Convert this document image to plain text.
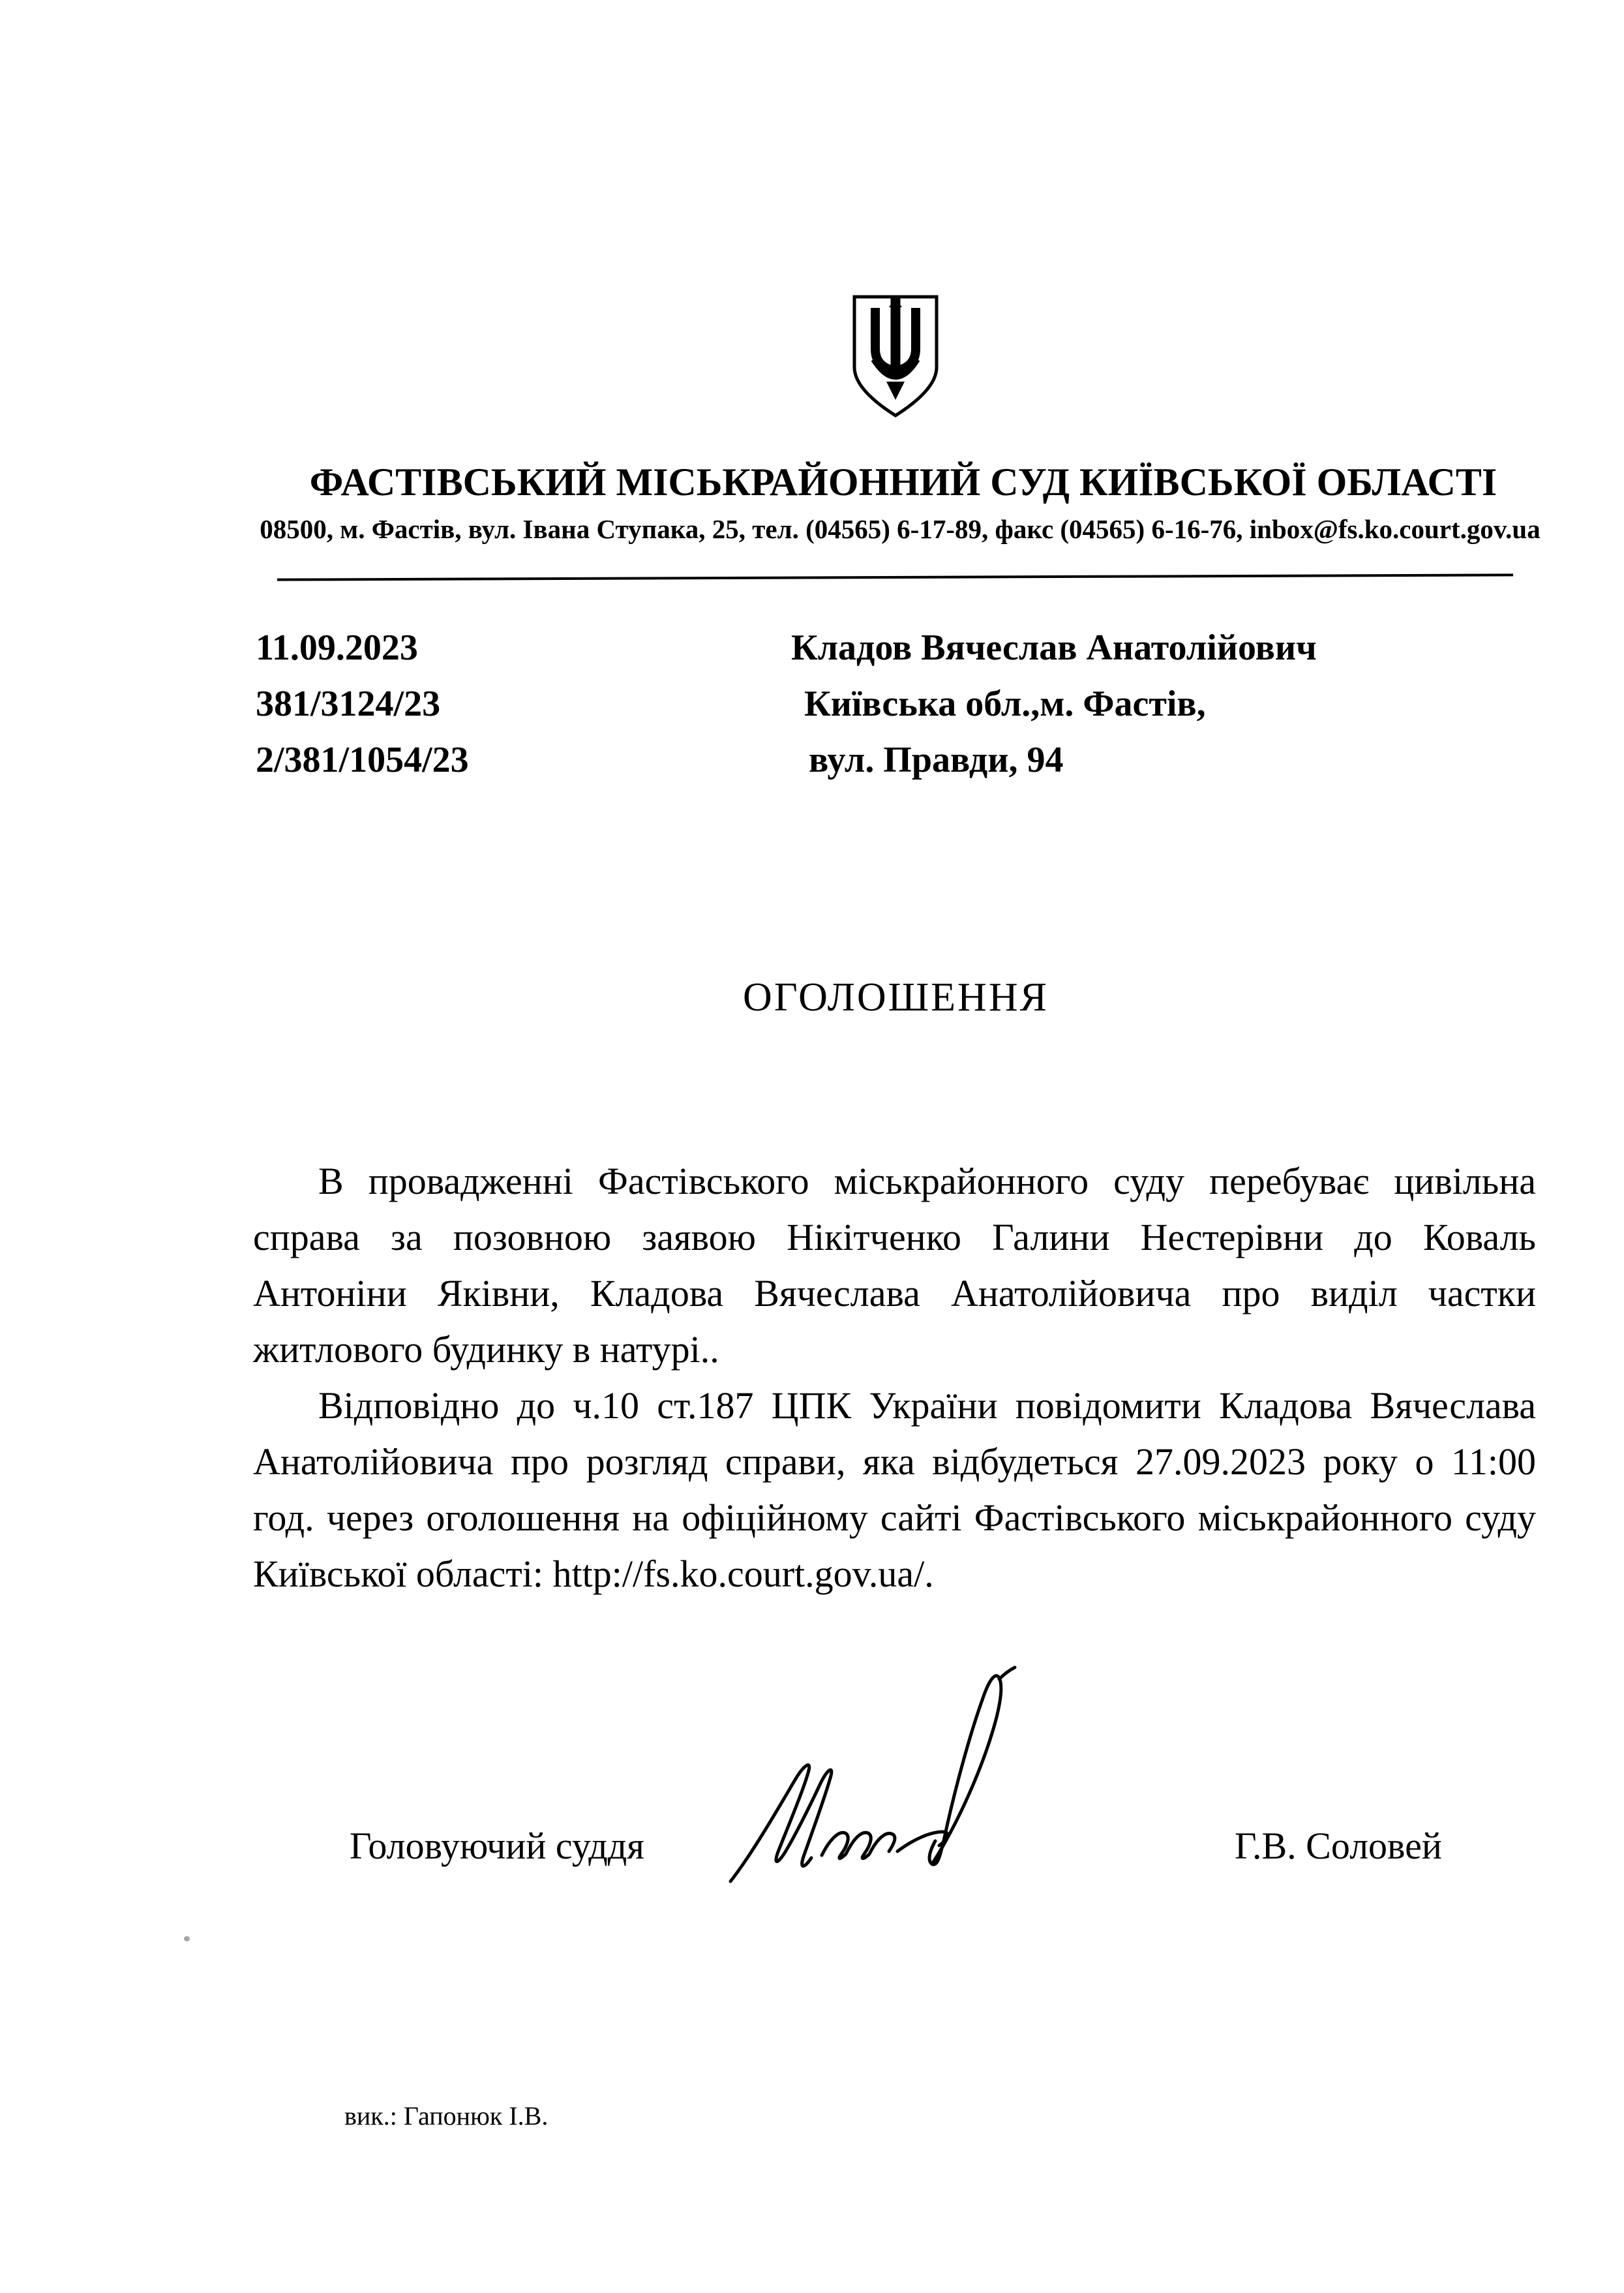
ФАСТІВСЬКИЙ МІСЬКРАЙОННИЙ СУД КИЇВСЬКОЇ ОБЛАСТІ
08500, м. Фастів, вул. Івана Ступака, 25, тел. (04565) 6-17-89, факс (04565) 6-16-76, inbox@fs.ko.court.gov.ua
11.09.2023
381/3124/23
2/381/1054/23
Кладов Вячеслав Анатолійович
Київська обл.,м. Фастів,
вул. Правди, 94
ОГОЛОШЕННЯ
В провадженні Фастівського міськрайонного суду перебуває цивільна
справа за позовною заявою Нікітченко Галини Нестерівни до Коваль
Антоніни Яківни, Кладова Вячеслава Анатолійовича про виділ частки
житлового будинку в натурі..
Відповідно до ч.10 ст.187 ЦПК України повідомити Кладова Вячеслава
Анатолійовича про розгляд справи, яка відбудеться 27.09.2023 року о 11:00
год. через оголошення на офіційному сайті Фастівського міськрайонного суду
Київської області: http://fs.ko.court.gov.ua/.
Головуючий суддя	Г.В. Соловей
вик.: Гапонюк І.В.
